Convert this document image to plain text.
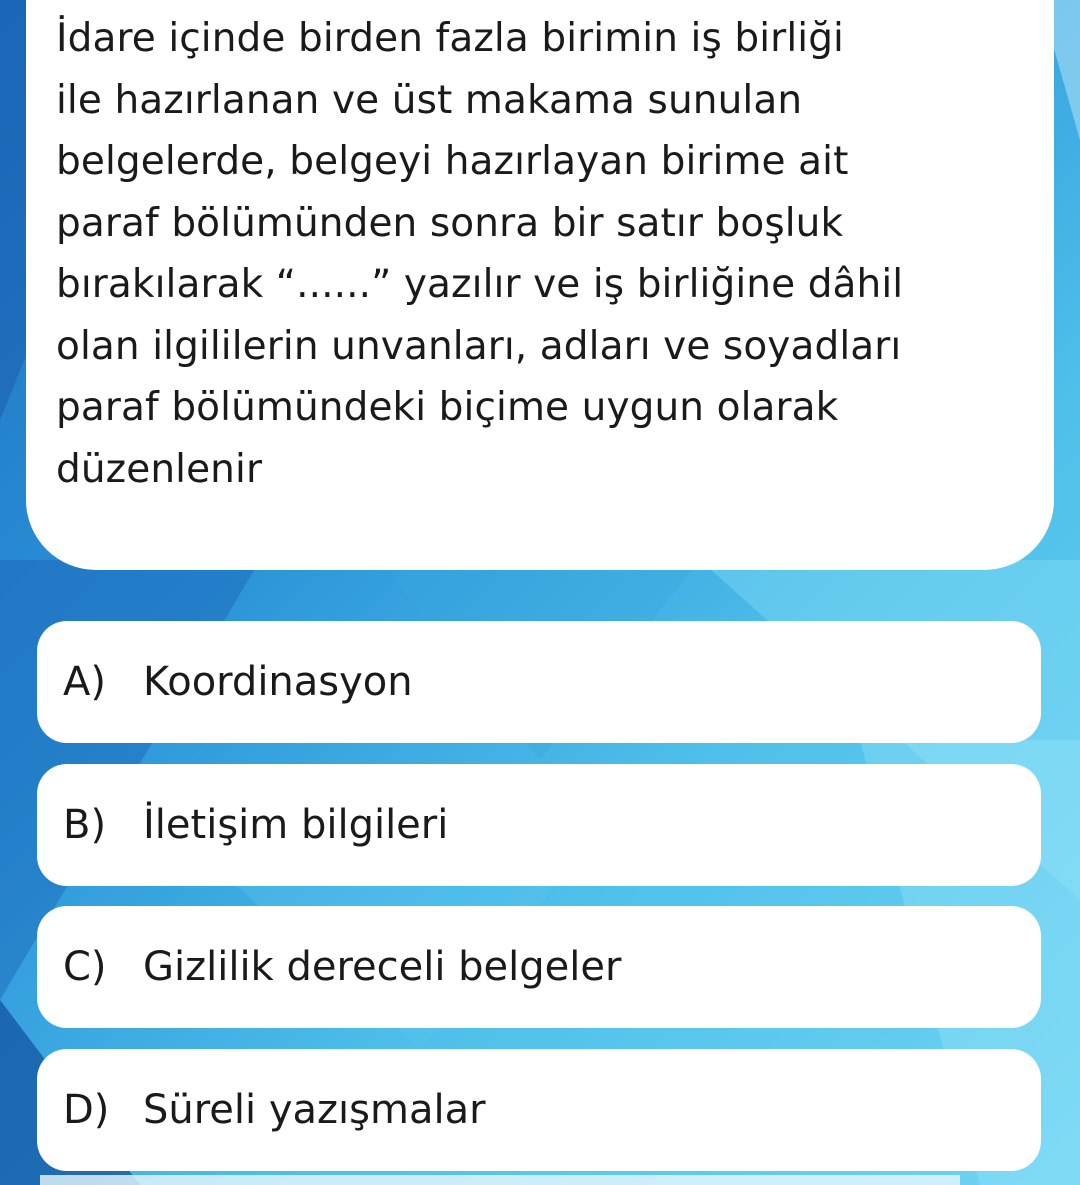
İdare içinde birden fazla birimin iş birliği
ile hazırlanan ve üst makama sunulan
belgelerde, belgeyi hazırlayan birime ait
paraf bölümünden sonra bir satır boşluk
bırakılarak “......” yazılır ve iş birliğine dâhil
olan ilgililerin unvanları, adları ve soyadları
paraf bölümündeki biçime uygun olarak
düzenlenir

A) Koordinasyon
B) İletişim bilgileri
C) Gizlilik dereceli belgeler
D) Süreli yazışmalar
